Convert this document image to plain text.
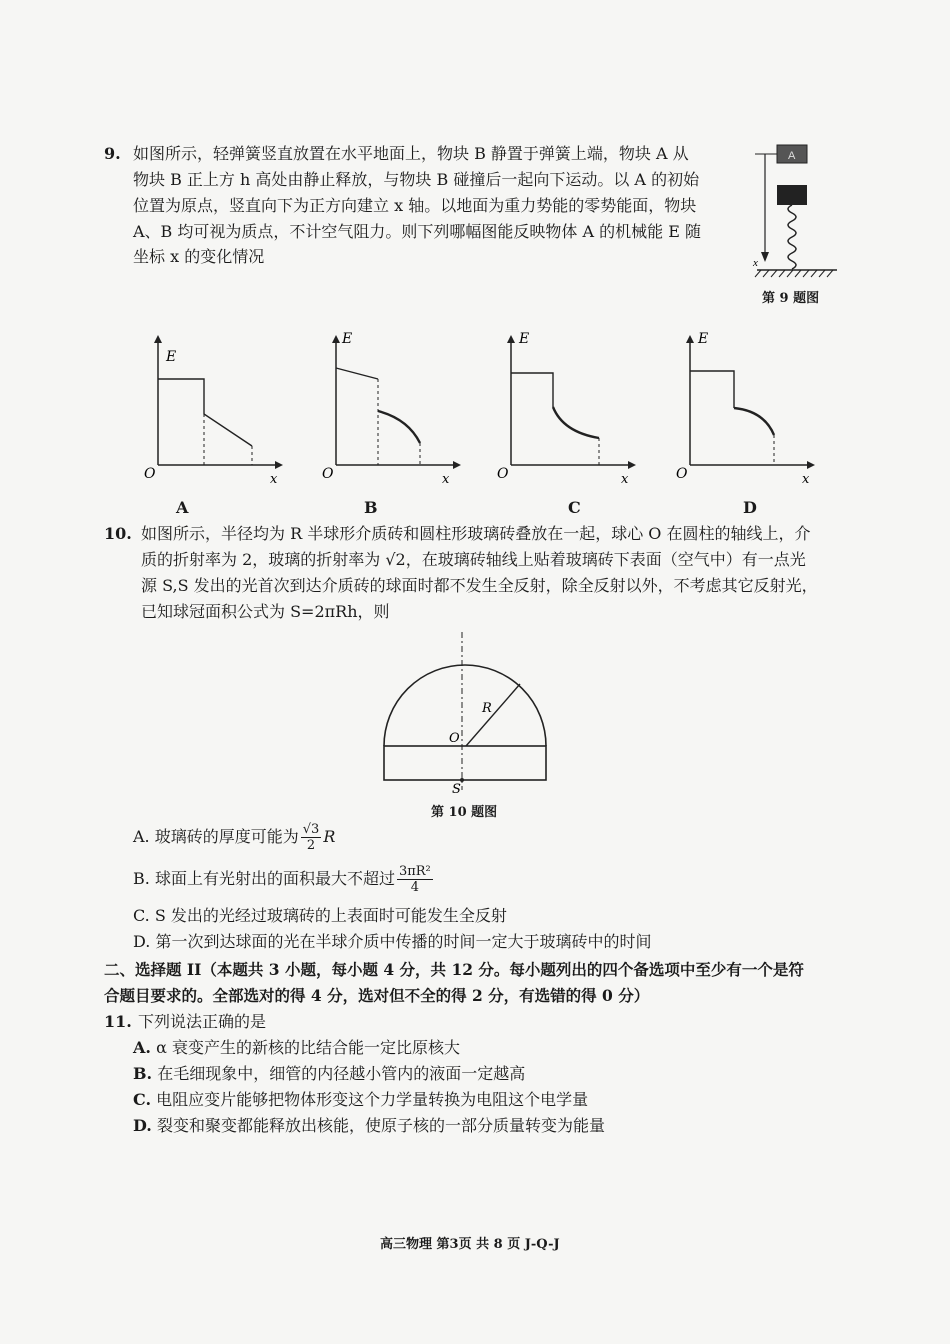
9. 如图所示，轻弹簧竖直放置在水平地面上，物块 B 静置于弹簧上端，物块 A 从
物块 B 正上方 h 高处由静止释放，与物块 B 碰撞后一起向下运动。以 A 的初始
位置为原点，竖直向下为正方向建立 x 轴。以地面为重力势能的零势能面，物块
A、B 均可视为质点，不计空气阻力。则下列哪幅图能反映物体 A 的机械能 E 随
坐标 x 的变化情况
A
x
第 9 题图
E
O	x
A
E
O	x
B
E
O	x
C
E
O	x
D
10. 如图所示，半径均为 R 半球形介质砖和圆柱形玻璃砖叠放在一起，球心 O 在圆柱的轴线上，介
质的折射率为 2，玻璃的折射率为 √2，在玻璃砖轴线上贴着玻璃砖下表面（空气中）有一点光
源 S,S 发出的光首次到达介质砖的球面时都不发生全反射，除全反射以外，不考虑其它反射光，
已知球冠面积公式为 S=2πRh，则
R
O
S
第 10 题图
A. 玻璃砖的厚度可能为 $\frac{√3}{2}$ R
B. 球面上有光射出的面积最大不超过 $\frac{\text{3πR²}}{4}$
C. S 发出的光经过玻璃砖的上表面时可能发生全反射
D. 第一次到达球面的光在半球介质中传播的时间一定大于玻璃砖中的时间
二、选择题 II（本题共 3 小题，每小题 4 分，共 12 分。每小题列出的四个备选项中至少有一个是符
合题目要求的。全部选对的得 4 分，选对但不全的得 2 分，有选错的得 0 分）
11. 下列说法正确的是
A. α 衰变产生的新核的比结合能一定比原核大
B. 在毛细现象中，细管的内径越小管内的液面一定越高
C. 电阻应变片能够把物体形变这个力学量转换为电阻这个电学量
D. 裂变和聚变都能释放出核能，使原子核的一部分质量转变为能量
高三物理 第3页 共 8 页 J-Q-J
